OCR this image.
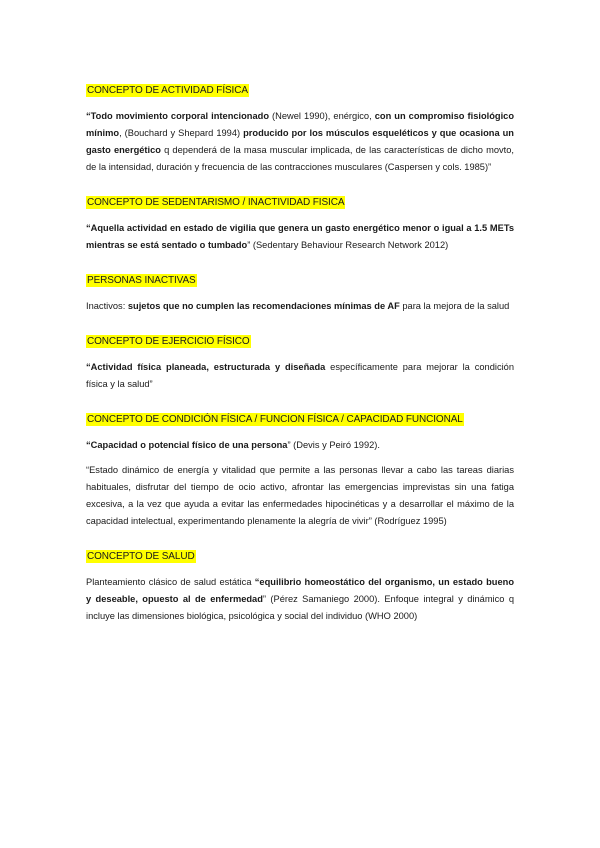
CONCEPTO DE ACTIVIDAD FÍSICA

“Todo movimiento corporal intencionado (Newel 1990), enérgico, con un compromiso fisiológico mínimo, (Bouchard y Shepard 1994) producido por los músculos esqueléticos y que ocasiona un gasto energético q dependerá de la masa muscular implicada, de las características de dicho movto, de la intensidad, duración y frecuencia de las contracciones musculares (Caspersen y cols. 1985)”

CONCEPTO DE SEDENTARISMO / INACTIVIDAD FISICA

“Aquella actividad en estado de vigilia que genera un gasto energético menor o igual a 1.5 METs mientras se está sentado o tumbado” (Sedentary Behaviour Research Network 2012)

PERSONAS INACTIVAS

Inactivos: sujetos que no cumplen las recomendaciones mínimas de AF para la mejora de la salud

CONCEPTO DE EJERCICIO FÍSICO

“Actividad física planeada, estructurada y diseñada específicamente para mejorar la condición física y la salud”

CONCEPTO DE CONDICIÓN FÍSICA / FUNCION FÍSICA / CAPACIDAD FUNCIONAL

“Capacidad o potencial físico de una persona” (Devis y Peiró 1992).

“Estado dinámico de energía y vitalidad que permite a las personas llevar a cabo las tareas diarias habituales, disfrutar del tiempo de ocio activo, afrontar las emergencias imprevistas sin una fatiga excesiva, a la vez que ayuda a evitar las enfermedades hipocinéticas y a desarrollar el máximo de la capacidad intelectual, experimentando plenamente la alegría de vivir” (Rodríguez 1995)

CONCEPTO DE SALUD

Planteamiento clásico de salud estática “equilibrio homeostático del organismo, un estado bueno y deseable, opuesto al de enfermedad” (Pérez Samaniego 2000). Enfoque integral y dinámico q incluye las dimensiones biológica, psicológica y social del individuo (WHO 2000)
